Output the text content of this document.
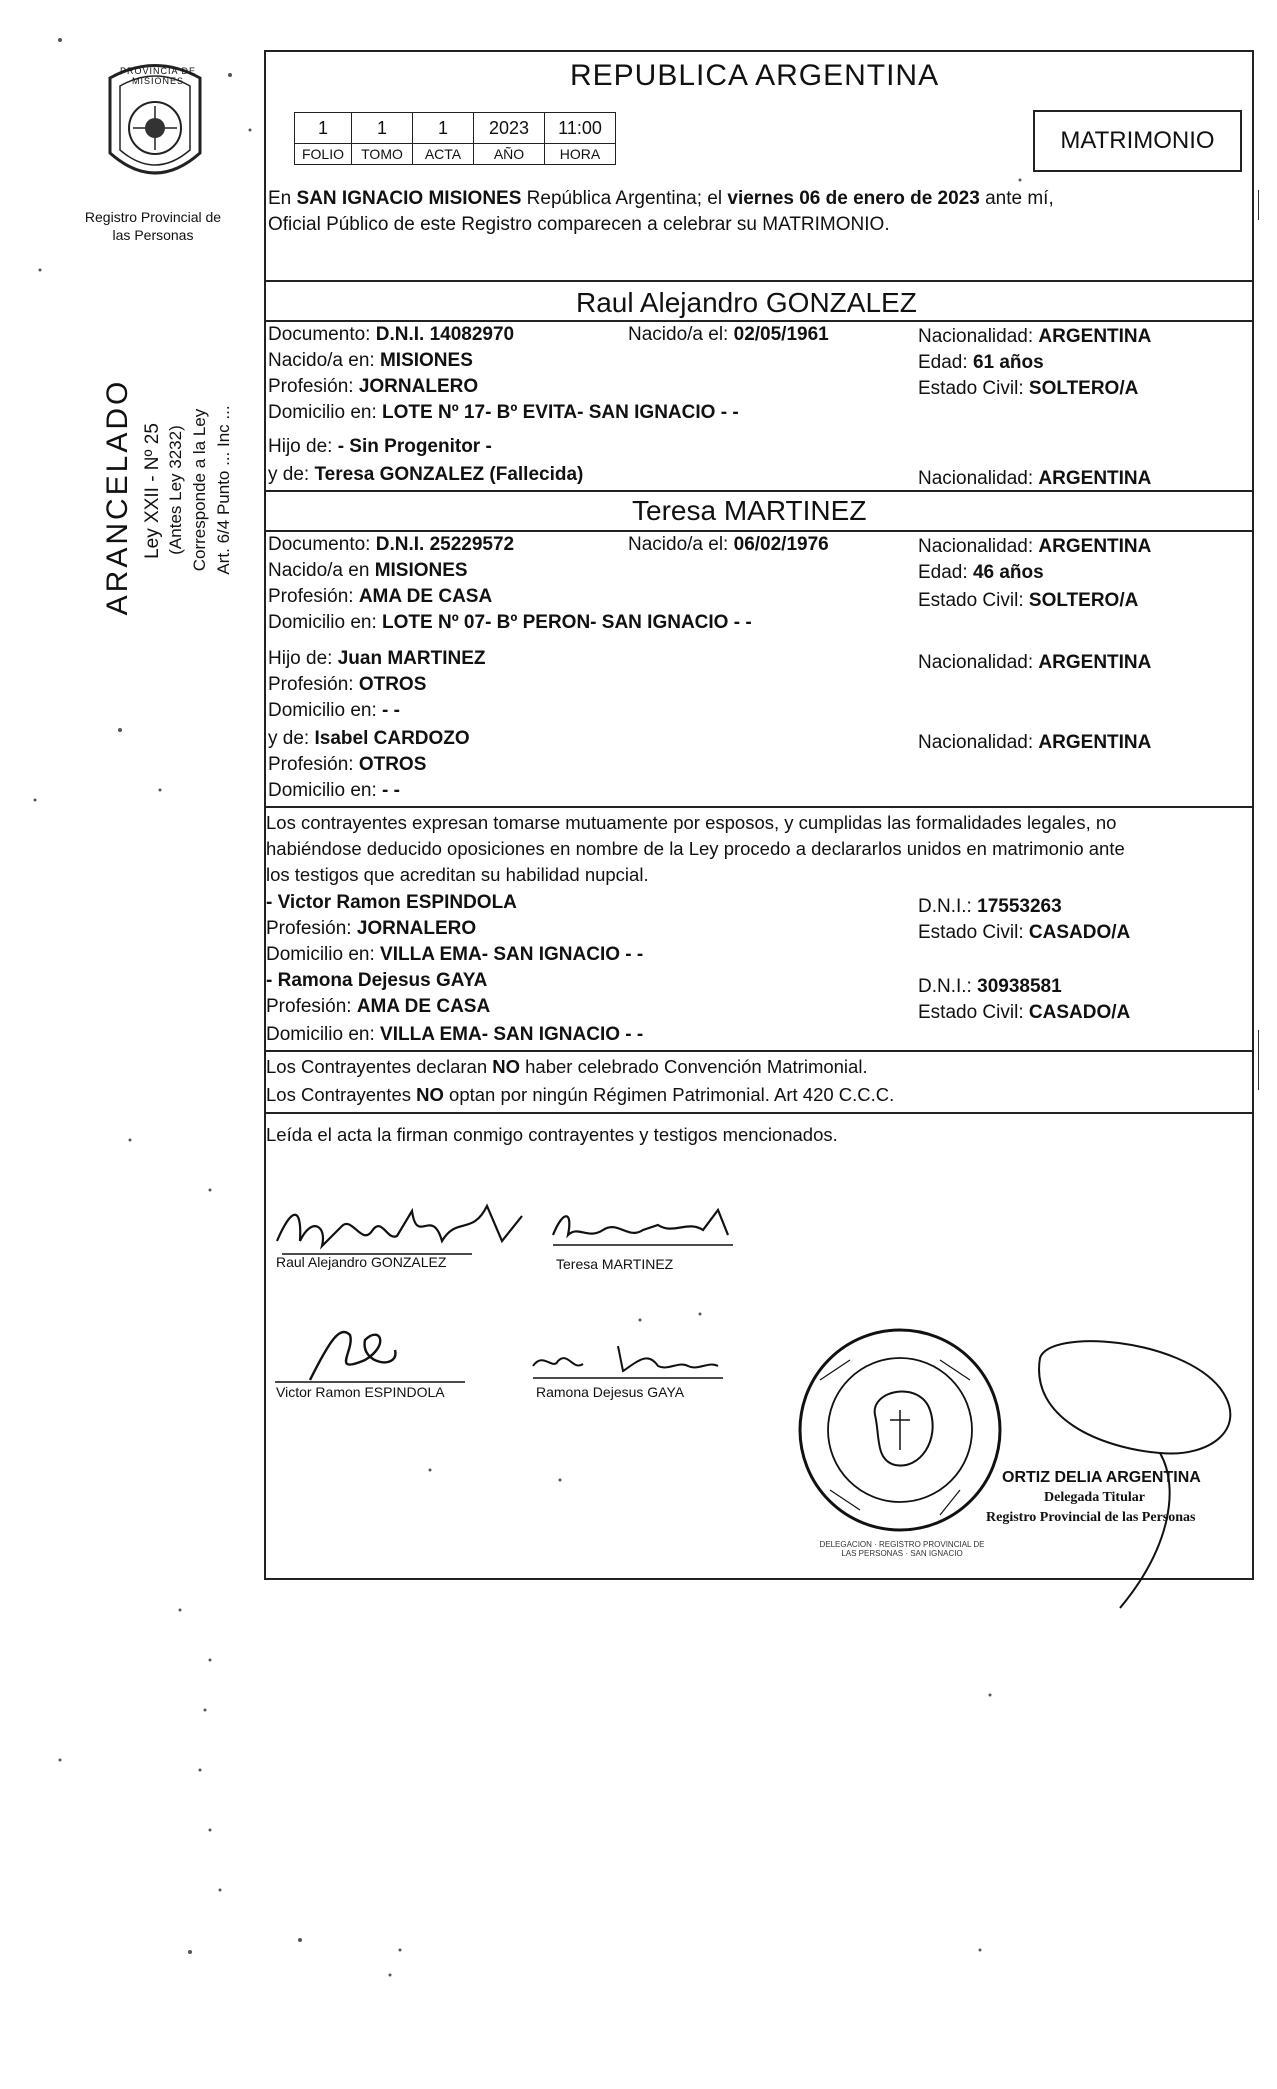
PROVINCIA DE MISIONES
Registro Provincial de las Personas
ARANCELADO Ley XXII - Nº 25 (Antes Ley 3232) Corresponde a la Ley Art. 6/4 Punto ... Inc ...
REPUBLICA ARGENTINA
1	1	1	2023	11:00
FOLIO	TOMO	ACTA	AÑO	HORA	MATRIMONIO
En SAN IGNACIO MISIONES República Argentina; el viernes 06 de enero de 2023 ante mí,
Oficial Público de este Registro comparecen a celebrar su MATRIMONIO.
Raul Alejandro GONZALEZ
Documento: D.N.I. 14082970	Nacido/a el: 02/05/1961	Nacionalidad: ARGENTINA
Nacido/a en: MISIONES	Edad: 61 años
Profesión: JORNALERO	Estado Civil: SOLTERO/A
Domicilio en: LOTE Nº 17- Bº EVITA- SAN IGNACIO - -
Hijo de: - Sin Progenitor -
y de: Teresa GONZALEZ (Fallecida)	Nacionalidad: ARGENTINA
Teresa MARTINEZ
Documento: D.N.I. 25229572	Nacido/a el: 06/02/1976	Nacionalidad: ARGENTINA
Nacido/a en MISIONES	Edad: 46 años
Profesión: AMA DE CASA	Estado Civil: SOLTERO/A
Domicilio en: LOTE Nº 07- Bº PERON- SAN IGNACIO - -
Hijo de: Juan MARTINEZ	Nacionalidad: ARGENTINA
Profesión: OTROS
Domicilio en: - -
y de: Isabel CARDOZO	Nacionalidad: ARGENTINA
Profesión: OTROS
Domicilio en: - -
Los contrayentes expresan tomarse mutuamente por esposos, y cumplidas las formalidades legales, no
habiéndose deducido oposiciones en nombre de la Ley procedo a declararlos unidos en matrimonio ante
los testigos que acreditan su habilidad nupcial.
- Victor Ramon ESPINDOLA	D.N.I.: 17553263
Profesión: JORNALERO	Estado Civil: CASADO/A
Domicilio en: VILLA EMA- SAN IGNACIO - -
- Ramona Dejesus GAYA	D.N.I.: 30938581
Profesión: AMA DE CASA	Estado Civil: CASADO/A
Domicilio en: VILLA EMA- SAN IGNACIO - -
Los Contrayentes declaran NO haber celebrado Convención Matrimonial.
Los Contrayentes NO optan por ningún Régimen Patrimonial. Art 420 C.C.C.
Leída el acta la firman conmigo contrayentes y testigos mencionados.
Raul Alejandro GONZALEZ	Teresa MARTINEZ
Victor Ramon ESPINDOLA	Ramona Dejesus GAYA
DELEGACION · REGISTRO PROVINCIAL DE LAS PERSONAS · SAN IGNACIO
ORTIZ DELIA ARGENTINA
Delegada Titular
Registro Provincial de las Personas
